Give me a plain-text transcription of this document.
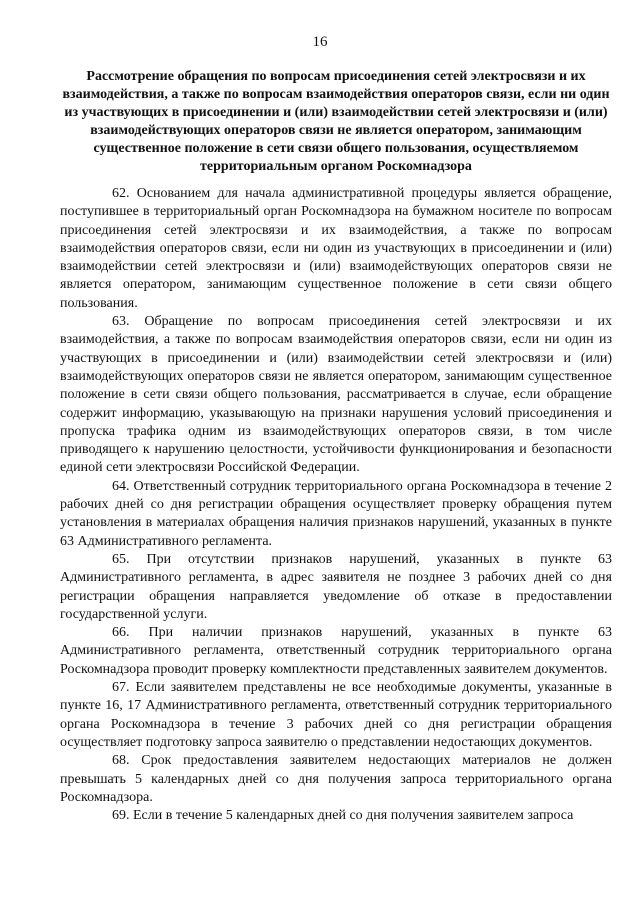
16
Рассмотрение обращения по вопросам присоединения сетей электросвязи и их взаимодействия, а также по вопросам взаимодействия операторов связи, если ни один из участвующих в присоединении и (или) взаимодействии сетей электросвязи и (или) взаимодействующих операторов связи не является оператором, занимающим существенное положение в сети связи общего пользования, осуществляемом территориальным органом Роскомнадзора

62. Основанием для начала административной процедуры является обращение, поступившее в территориальный орган Роскомнадзора на бумажном носителе по вопросам присоединения сетей электросвязи и их взаимодействия, а также по вопросам взаимодействия операторов связи, если ни один из участвующих в присоединении и (или) взаимодействии сетей электросвязи и (или) взаимодействующих операторов связи не является оператором, занимающим существенное положение в сети связи общего пользования.

63. Обращение по вопросам присоединения сетей электросвязи и их взаимодействия, а также по вопросам взаимодействия операторов связи, если ни один из участвующих в присоединении и (или) взаимодействии сетей электросвязи и (или) взаимодействующих операторов связи не является оператором, занимающим существенное положение в сети связи общего пользования, рассматривается в случае, если обращение содержит информацию, указывающую на признаки нарушения условий присоединения и пропуска трафика одним из взаимодействующих операторов связи, в том числе приводящего к нарушению целостности, устойчивости функционирования и безопасности единой сети электросвязи Российской Федерации.

64. Ответственный сотрудник территориального органа Роскомнадзора в течение 2 рабочих дней со дня регистрации обращения осуществляет проверку обращения путем установления в материалах обращения наличия признаков нарушений, указанных в пункте 63 Административного регламента.

65. При отсутствии признаков нарушений, указанных в пункте 63 Административного регламента, в адрес заявителя не позднее 3 рабочих дней со дня регистрации обращения направляется уведомление об отказе в предоставлении государственной услуги.

66. При наличии признаков нарушений, указанных в пункте 63 Административного регламента, ответственный сотрудник территориального органа Роскомнадзора проводит проверку комплектности представленных заявителем документов.

67. Если заявителем представлены не все необходимые документы, указанные в пункте 16, 17 Административного регламента, ответственный сотрудник территориального органа Роскомнадзора в течение 3 рабочих дней со дня регистрации обращения осуществляет подготовку запроса заявителю о представлении недостающих документов.

68. Срок предоставления заявителем недостающих материалов не должен превышать 5 календарных дней со дня получения запроса территориального органа Роскомнадзора.

69. Если в течение 5 календарных дней со дня получения заявителем запроса
